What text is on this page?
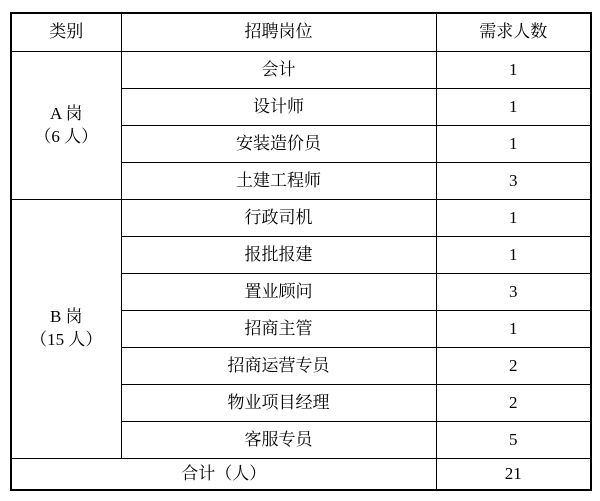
类别	招聘岗位	需求人数

A 岗
（6 人）	会计	1
	设计师	1
	安装造价员	1
	土建工程师	3

B 岗
（15 人）	行政司机	1
	报批报建	1
	置业顾问	3
	招商主管	1
	招商运营专员	2
	物业项目经理	2
	客服专员	5
合计（人）		21
